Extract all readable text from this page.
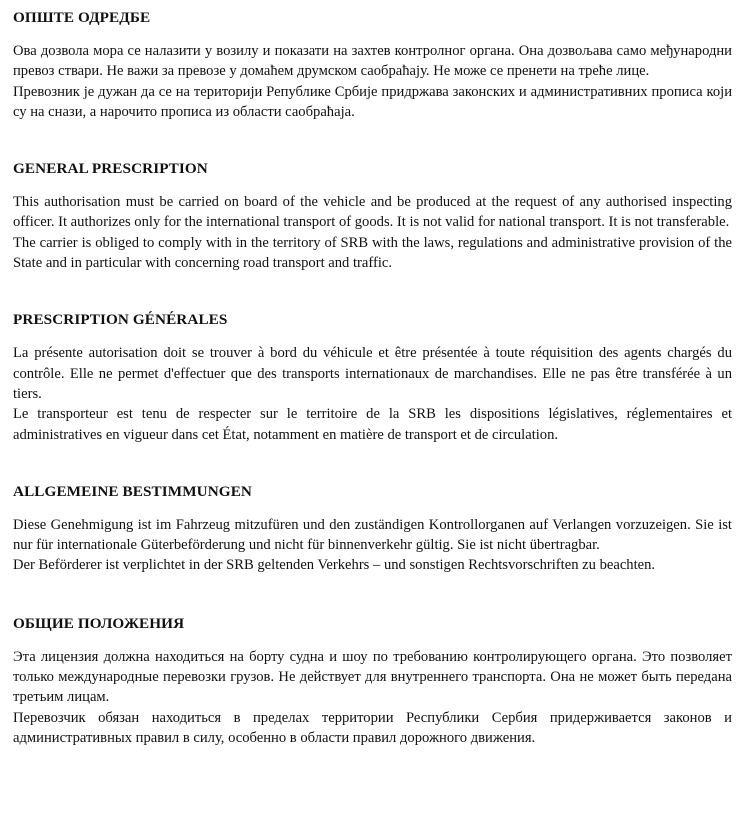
ОПШТЕ ОДРЕДБЕ

Ова дозвола мора се налазити у возилу и показати на захтев контролног органа. Она дозвољава само међународни превоз ствари. Не важи за превозе у домаћем друмском саобраћају. Не може се пренети на треће лице.

Превозник је дужан да се на територији Републике Србије придржава законских и административних прописа који су на снази, а нарочито прописа из области саобраћаја.

GENERAL PRESCRIPTION

This authorisation must be carried on board of the vehicle and be produced at the request of any authorised inspecting officer. It authorizes only for the international transport of goods. It is not valid for national transport. It is not transferable.

The carrier is obliged to comply with in the territory of SRB with the laws, regulations and administrative provision of the State and in particular with concerning road transport and traffic.

PRESCRIPTION GÉNÉRALES

La présente autorisation doit se trouver à bord du véhicule et être présentée à toute réquisition des agents chargés du contrôle. Elle ne permet d'effectuer que des transports internationaux de marchandises. Elle ne pas être transférée à un tiers.

Le transporteur est tenu de respecter sur le territoire de la SRB les dispositions législatives, réglementaires et administratives en vigueur dans cet État, notamment en matière de transport et de circulation.

ALLGEMEINE BESTIMMUNGEN

Diese Genehmigung ist im Fahrzeug mitzufüren und den zuständigen Kontrollorganen auf Verlangen vorzuzeigen. Sie ist nur für internationale Güterbeförderung und nicht für binnenverkehr gültig. Sie ist nicht übertragbar.

Der Beförderer ist verplichtet in der SRB geltenden Verkehrs – und sonstigen Rechtsvorschriften zu beachten.

ОБЩИЕ ПОЛОЖЕНИЯ

Эта лицензия должна находиться на борту судна и шоу по требованию контролирующего органа. Это позволяет только международные перевозки грузов. Не действует для внутреннего транспорта. Она не может быть передана третьим лицам.

Перевозчик обязан находиться в пределах территории Республики Сербия придерживается законов и административных правил в силу, особенно в области правил дорожного движения.
